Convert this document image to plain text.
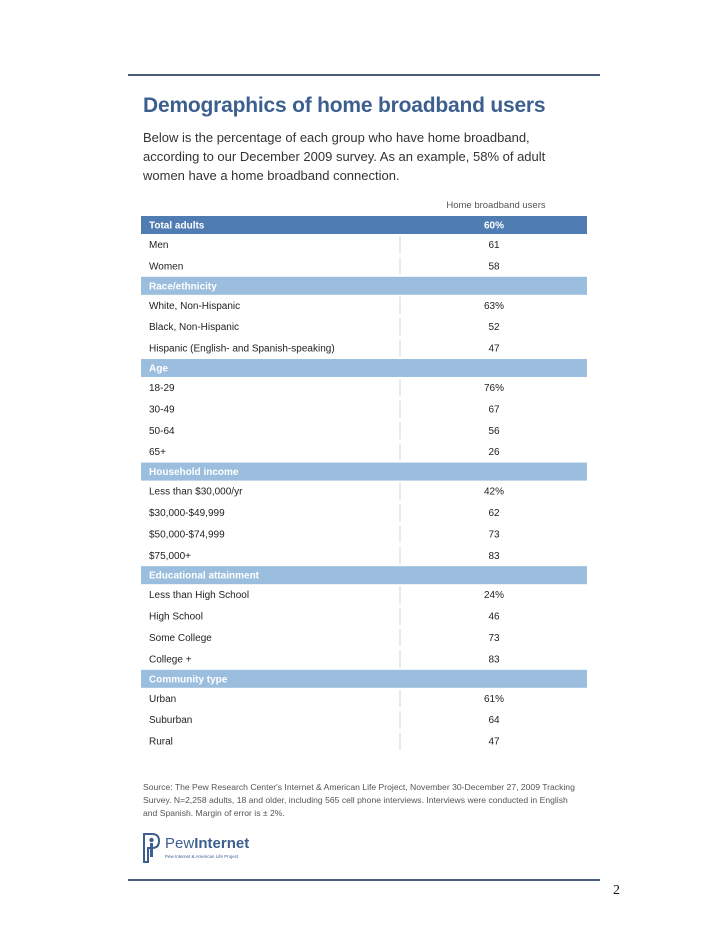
Demographics of home broadband users

Below is the percentage of each group who have home broadband, according to our December 2009 survey. As an example, 58% of adult women have a home broadband connection.

Home broadband users
Total adults	60%
Men	61
Women	58
Race/ethnicity
White, Non-Hispanic	63%
Black, Non-Hispanic	52
Hispanic (English- and Spanish-speaking)	47
Age
18-29	76%
30-49	67
50-64	56
65+	26
Household income
Less than $30,000/yr	42%
$30,000-$49,999	62
$50,000-$74,999	73
$75,000+	83
Educational attainment
Less than High School	24%
High School	46
Some College	73
College +	83
Community type
Urban	61%
Suburban	64
Rural	47

Source: The Pew Research Center's Internet & American Life Project, November 30-December 27, 2009 Tracking Survey. N=2,258 adults, 18 and older, including 565 cell phone interviews. Interviews were conducted in English and Spanish. Margin of error is ± 2%.

PewInternet
Pew Internet & American Life Project
2
